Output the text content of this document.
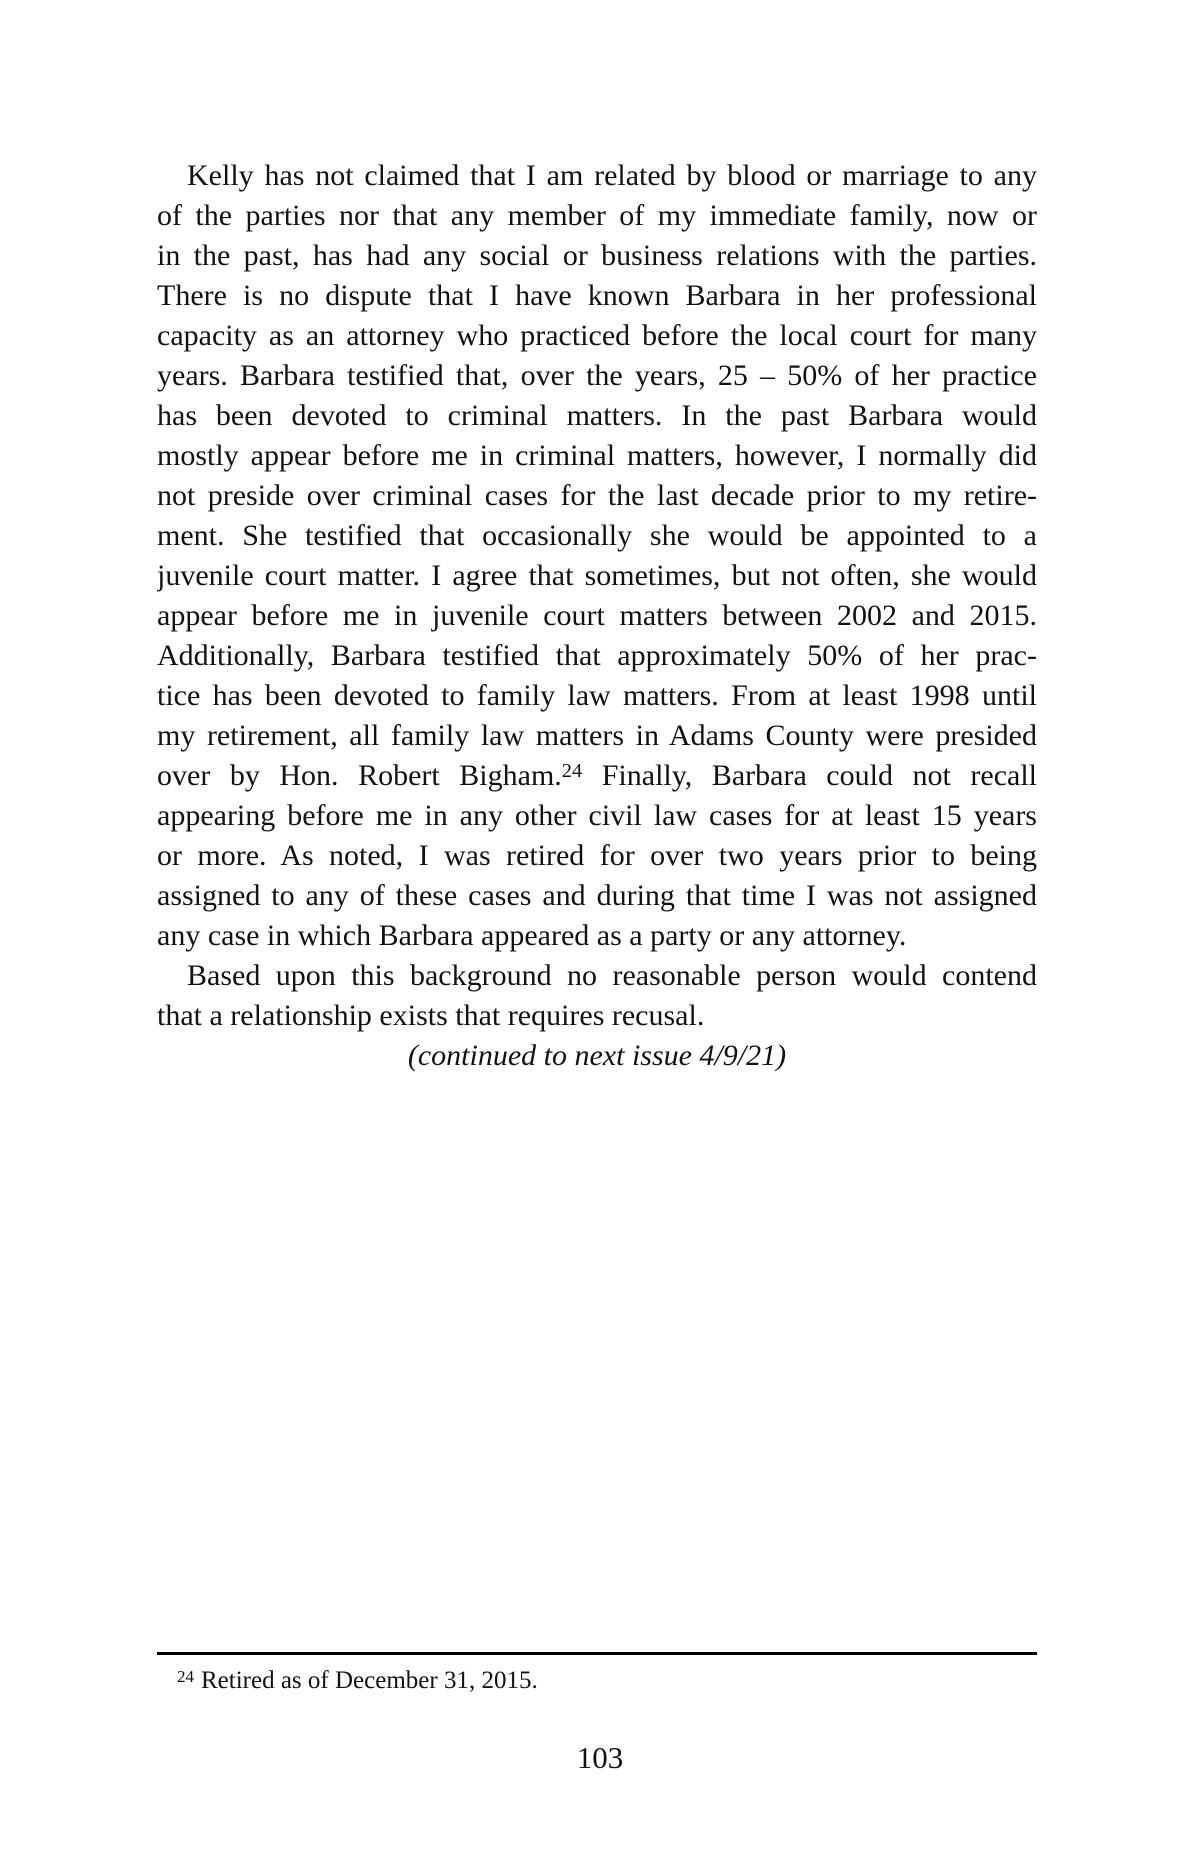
Kelly has not claimed that I am related by blood or marriage to any
of the parties nor that any member of my immediate family, now or
in the past, has had any social or business relations with the parties.
There is no dispute that I have known Barbara in her professional
capacity as an attorney who practiced before the local court for many
years. Barbara testified that, over the years, 25 – 50% of her practice
has been devoted to criminal matters. In the past Barbara would
mostly appear before me in criminal matters, however, I normally did
not preside over criminal cases for the last decade prior to my retire-
ment. She testified that occasionally she would be appointed to a
juvenile court matter. I agree that sometimes, but not often, she would
appear before me in juvenile court matters between 2002 and 2015.
Additionally, Barbara testified that approximately 50% of her prac-
tice has been devoted to family law matters. From at least 1998 until
my retirement, all family law matters in Adams County were presided
over by Hon. Robert Bigham.$^{24}$ Finally, Barbara could not recall
appearing before me in any other civil law cases for at least 15 years
or more. As noted, I was retired for over two years prior to being
assigned to any of these cases and during that time I was not assigned
any case in which Barbara appeared as a party or any attorney.
Based upon this background no reasonable person would contend
that a relationship exists that requires recusal.
(continued to next issue 4/9/21)
$^{24}$ Retired as of December 31, 2015.
103
